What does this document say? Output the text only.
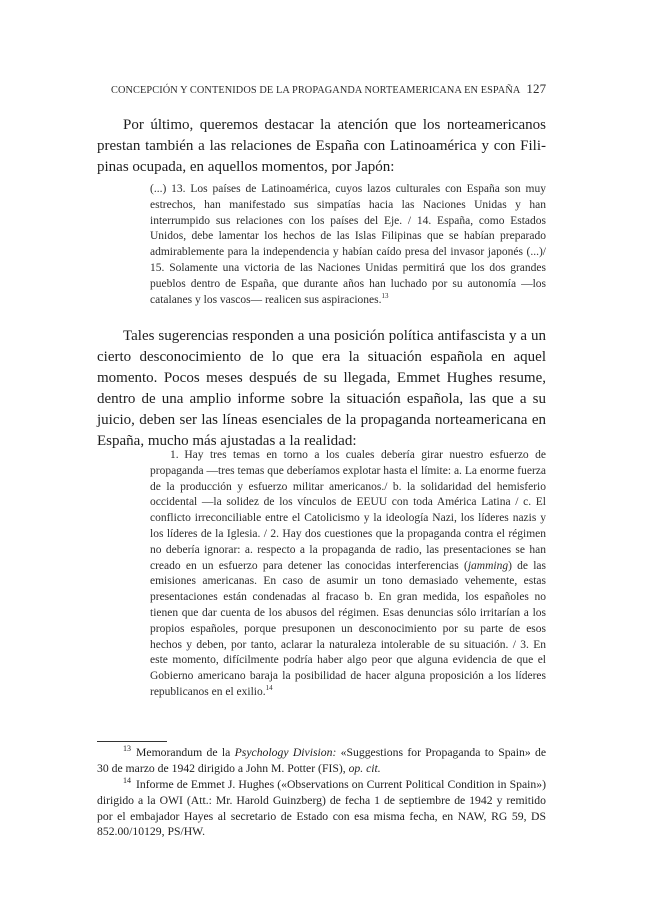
CONCEPCIÓN Y CONTENIDOS DE LA PROPAGANDA NORTEAMERICANA EN ESPAÑA 127

Por último, queremos destacar la atención que los norteamericanos prestan también a las relaciones de España con Latinoamérica y con Filipinas ocupada, en aquellos momentos, por Japón:

(...) 13. Los países de Latinoamérica, cuyos lazos culturales con España son muy estrechos, han manifestado sus simpatías hacia las Naciones Unidas y han interrumpido sus relaciones con los países del Eje. / 14. España, como Estados Unidos, debe lamentar los hechos de las Islas Filipinas que se habían preparado admirablemente para la independencia y habían caído presa del invasor japonés (...)/ 15. Solamente una victoria de las Naciones Unidas permitirá que los dos grandes pueblos dentro de España, que durante años han luchado por su autonomía —los catalanes y los vascos— realicen sus aspiraciones.$^{13}$

Tales sugerencias responden a una posición política antifascista y a un cierto desconocimiento de lo que era la situación española en aquel momento. Pocos meses después de su llegada, Emmet Hughes resume, dentro de una amplio informe sobre la situación española, las que a su juicio, deben ser las líneas esenciales de la propaganda norteamericana en España, mucho más ajustadas a la realidad:

1. Hay tres temas en torno a los cuales debería girar nuestro esfuerzo de propaganda —tres temas que deberíamos explotar hasta el límite: a. La enorme fuerza de la producción y esfuerzo militar americanos./ b. la solidaridad del hemisferio occidental —la solidez de los vínculos de EEUU con toda América Latina / c. El conflicto irreconciliable entre el Catolicismo y la ideología Nazi, los líderes nazis y los líderes de la Iglesia. / 2. Hay dos cuestiones que la propaganda contra el régimen no debería ignorar: a. respecto a la propaganda de radio, las presentaciones se han creado en un esfuerzo para detener las conocidas interferencias (jamming) de las emisiones americanas. En caso de asumir un tono demasiado vehemente, estas presentaciones están condenadas al fracaso b. En gran medida, los españoles no tienen que dar cuenta de los abusos del régimen. Esas denuncias sólo irritarían a los propios españoles, porque presuponen un desconocimiento por su parte de esos hechos y deben, por tanto, aclarar la naturaleza intolerable de su situación. / 3. En este momento, difícilmente podría haber algo peor que alguna evidencia de que el Gobierno americano baraja la posibilidad de hacer alguna proposición a los líderes republicanos en el exilio.$^{14}$

$^{13}$ Memorandum de la Psychology Division: «Suggestions for Propaganda to Spain» de 30 de marzo de 1942 dirigido a John M. Potter (FIS), op. cit.

$^{14}$ Informe de Emmet J. Hughes («Observations on Current Political Condition in Spain») dirigido a la OWI (Att.: Mr. Harold Guinzberg) de fecha 1 de septiembre de 1942 y remitido por el embajador Hayes al secretario de Estado con esa misma fecha, en NAW, RG 59, DS 852.00/10129, PS/HW.
